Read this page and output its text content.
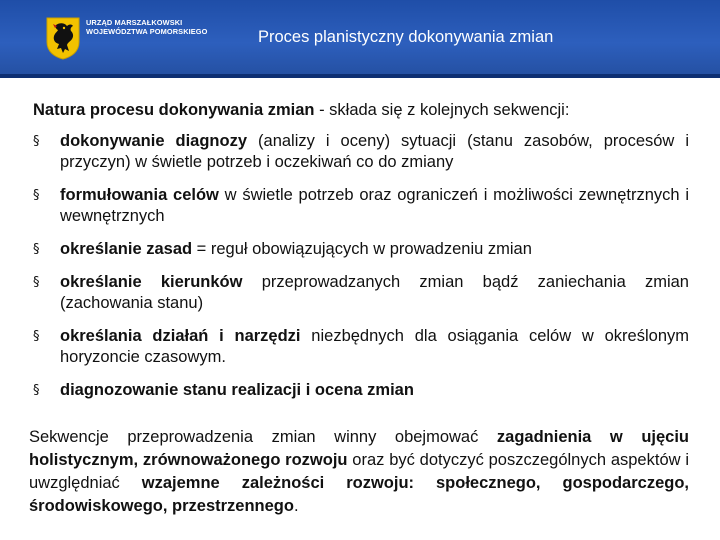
URZĄD MARSZAŁKOWSKI
WOJEWÓDZTWA POMORSKIEGO	Proces planistyczny dokonywania zmian
Natura procesu dokonywania zmian - składa się z kolejnych sekwencji:
§ dokonywanie diagnozy (analizy i oceny) sytuacji (stanu zasobów, procesów i przyczyn) w świetle potrzeb i oczekiwań co do zmiany
§ formułowania celów w świetle potrzeb oraz ograniczeń i możliwości zewnętrznych i wewnętrznych
§ określanie zasad = reguł obowiązujących w prowadzeniu zmian
§ określanie kierunków przeprowadzanych zmian bądź zaniechania zmian (zachowania stanu)
§ określania działań i narzędzi niezbędnych dla osiągania celów w określonym horyzoncie czasowym.
§ diagnozowanie stanu realizacji i ocena zmian
Sekwencje przeprowadzenia zmian winny obejmować zagadnienia w ujęciu holistycznym, zrównoważonego rozwoju oraz być dotyczyć poszczególnych aspektów i uwzględniać wzajemne zależności rozwoju: społecznego, gospodarczego, środowiskowego, przestrzennego.
